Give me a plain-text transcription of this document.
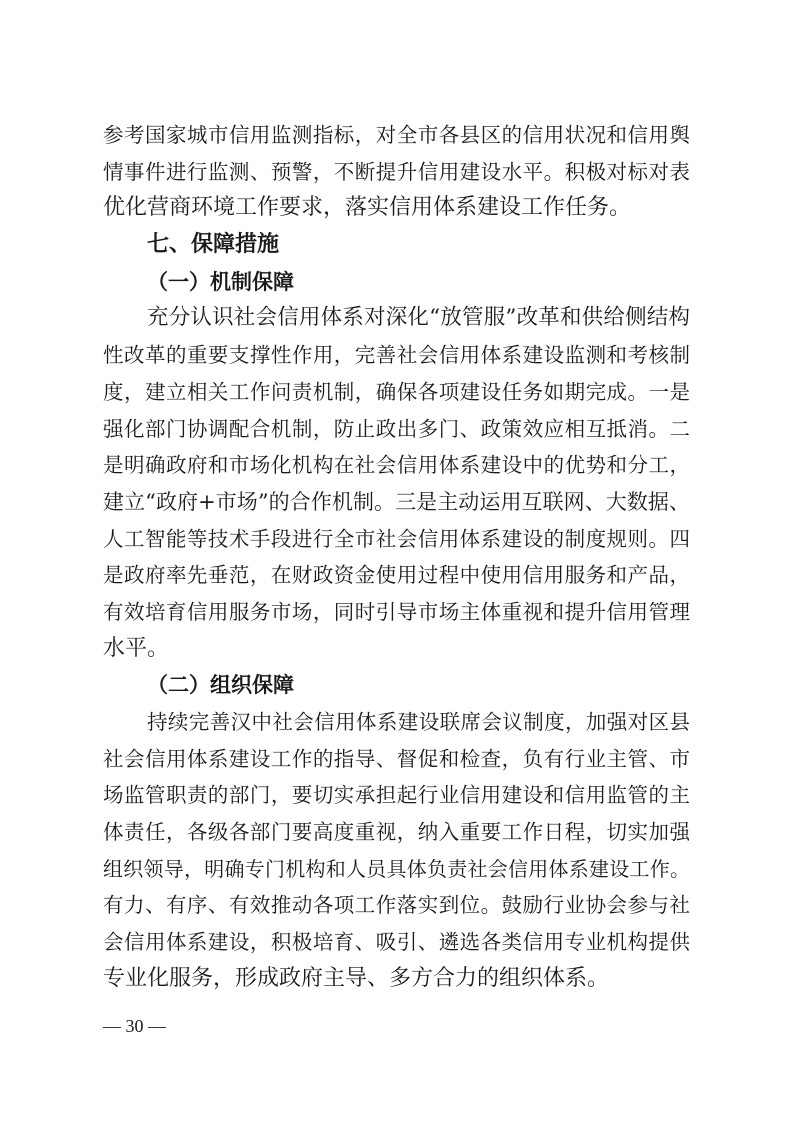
参考国家城市信用监测指标，对全市各县区的信用状况和信用舆
情事件进行监测、预警，不断提升信用建设水平。积极对标对表
优化营商环境工作要求，落实信用体系建设工作任务。
七、保障措施
（一）机制保障
充分认识社会信用体系对深化“放管服”改革和供给侧结构
性改革的重要支撑性作用，完善社会信用体系建设监测和考核制
度，建立相关工作问责机制，确保各项建设任务如期完成。一是
强化部门协调配合机制，防止政出多门、政策效应相互抵消。二
是明确政府和市场化机构在社会信用体系建设中的优势和分工，
建立“政府+市场”的合作机制。三是主动运用互联网、大数据、
人工智能等技术手段进行全市社会信用体系建设的制度规则。四
是政府率先垂范，在财政资金使用过程中使用信用服务和产品，
有效培育信用服务市场，同时引导市场主体重视和提升信用管理
水平。
（二）组织保障
持续完善汉中社会信用体系建设联席会议制度，加强对区县
社会信用体系建设工作的指导、督促和检查，负有行业主管、市
场监管职责的部门，要切实承担起行业信用建设和信用监管的主
体责任，各级各部门要高度重视，纳入重要工作日程，切实加强
组织领导，明确专门机构和人员具体负责社会信用体系建设工作。
有力、有序、有效推动各项工作落实到位。鼓励行业协会参与社
会信用体系建设，积极培育、吸引、遴选各类信用专业机构提供
专业化服务，形成政府主导、多方合力的组织体系。
— 30 —
